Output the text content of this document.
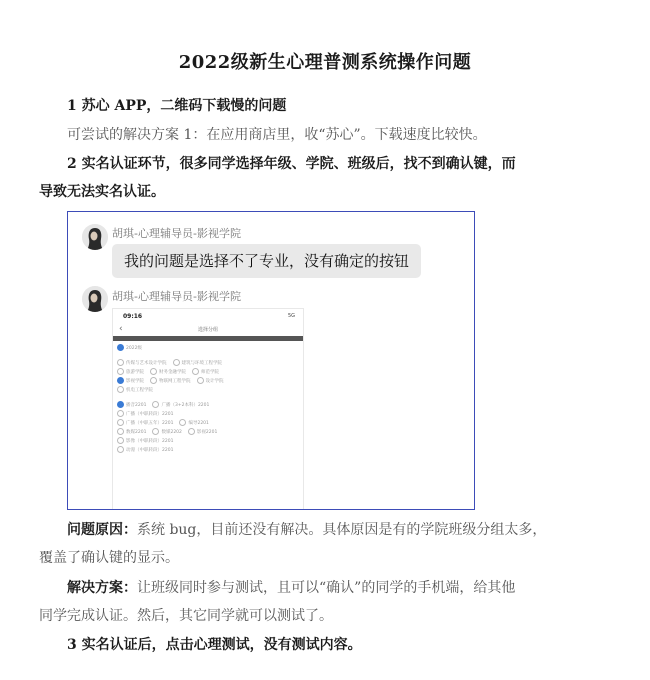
2022级新生心理普测系统操作问题
1 苏心 APP，二维码下载慢的问题
可尝试的解决方案 1：在应用商店里，收“苏心”。下载速度比较快。
2 实名认证环节，很多同学选择年级、学院、班级后，找不到确认键，而
导致无法实名认证。
胡琪-心理辅导员-影视学院
我的问题是选择不了专业，没有确定的按钮
胡琪-心理辅导员-影视学院
09:16	5G
‹	选择分组
2022级
传媒与艺术设计学院	建筑与环境工程学院
旅游学院	财务金融学院	师范学院
影视学院	物联网工程学院	设计学院
机电工程学院
播音2201	广播（3+2本科）2201
广播（中职转段）2201
广播（中职五年）2201	编导2201
数媒2201	数媒2202	影视2201
影像（中职转段）2201
动漫（中职转段）2201
问题原因：系统 bug，目前还没有解决。具体原因是有的学院班级分组太多，
覆盖了确认键的显示。
解决方案：让班级同时参与测试，且可以“确认”的同学的手机端，给其他
同学完成认证。然后，其它同学就可以测试了。
3 实名认证后，点击心理测试，没有测试内容。
